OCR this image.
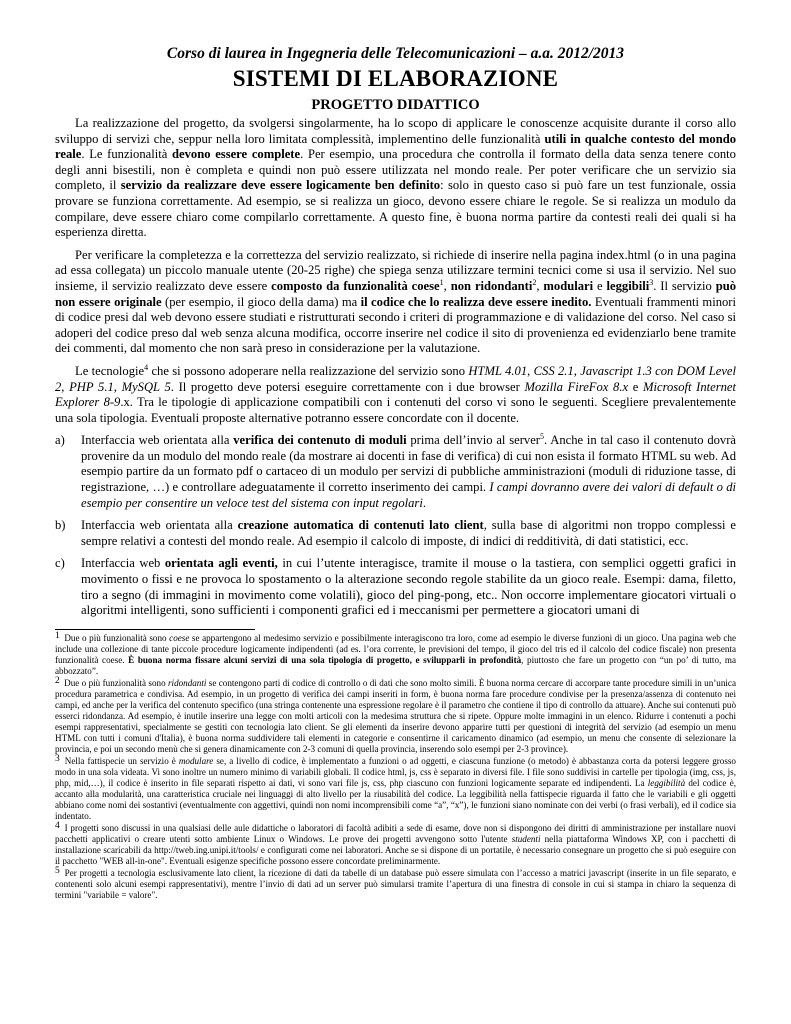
Corso di laurea in Ingegneria delle Telecomunicazioni – a.a. 2012/2013

SISTEMI DI ELABORAZIONE
PROGETTO DIDATTICO

La realizzazione del progetto, da svolgersi singolarmente, ha lo scopo di applicare le conoscenze acquisite durante il corso allo sviluppo di servizi che, seppur nella loro limitata complessità, implementino delle funzionalità utili in qualche contesto del mondo reale. Le funzionalità devono essere complete. Per esempio, una procedura che controlla il formato della data senza tenere conto degli anni bisestili, non è completa e quindi non può essere utilizzata nel mondo reale. Per poter verificare che un servizio sia completo, il servizio da realizzare deve essere logicamente ben definito: solo in questo caso si può fare un test funzionale, ossia provare se funziona correttamente. Ad esempio, se si realizza un gioco, devono essere chiare le regole. Se si realizza un modulo da compilare, deve essere chiaro come compilarlo correttamente. A questo fine, è buona norma partire da contesti reali dei quali si ha esperienza diretta.

Per verificare la completezza e la correttezza del servizio realizzato, si richiede di inserire nella pagina index.html (o in una pagina ad essa collegata) un piccolo manuale utente (20-25 righe) che spiega senza utilizzare termini tecnici come si usa il servizio. Nel suo insieme, il servizio realizzato deve essere composto da funzionalità coese$^1$, non ridondanti$^2$, modulari e leggibili$^3$. Il servizio può non essere originale (per esempio, il gioco della dama) ma il codice che lo realizza deve essere inedito. Eventuali frammenti minori di codice presi dal web devono essere studiati e ristrutturati secondo i criteri di programmazione e di validazione del corso. Nel caso si adoperi del codice preso dal web senza alcuna modifica, occorre inserire nel codice il sito di provenienza ed evidenziarlo bene tramite dei commenti, dal momento che non sarà preso in considerazione per la valutazione.

Le tecnologie$^4$ che si possono adoperare nella realizzazione del servizio sono HTML 4.01, CSS 2.1, Javascript 1.3 con DOM Level 2, PHP 5.1, MySQL 5. Il progetto deve potersi eseguire correttamente con i due browser Mozilla FireFox 8.x e Microsoft Internet Explorer 8-9.x. Tra le tipologie di applicazione compatibili con i contenuti del corso vi sono le seguenti. Scegliere prevalentemente una sola tipologia. Eventuali proposte alternative potranno essere concordate con il docente.

a)	Interfaccia web orientata alla verifica dei contenuto di moduli prima dell’invio al server$^5$. Anche in tal caso il contenuto dovrà provenire da un modulo del mondo reale (da mostrare ai docenti in fase di verifica) di cui non esista il formato HTML su web. Ad esempio partire da un formato pdf o cartaceo di un modulo per servizi di pubbliche amministrazioni (moduli di riduzione tasse, di registrazione, …) e controllare adeguatamente il corretto inserimento dei campi. I campi dovranno avere dei valori di default o di esempio per consentire un veloce test del sistema con input regolari.
b)	Interfaccia web orientata alla creazione automatica di contenuti lato client, sulla base di algoritmi non troppo complessi e sempre relativi a contesti del mondo reale. Ad esempio il calcolo di imposte, di indici di redditività, di dati statistici, ecc.
c)	Interfaccia web orientata agli eventi, in cui l’utente interagisce, tramite il mouse o la tastiera, con semplici oggetti grafici in movimento o fissi e ne provoca lo spostamento o la alterazione secondo regole stabilite da un gioco reale. Esempi: dama, filetto, tiro a segno (di immagini in movimento come volatili), gioco del ping-pong, etc.. Non occorre implementare giocatori virtuali o algoritmi intelligenti, sono sufficienti i componenti grafici ed i meccanismi per permettere a giocatori umani di

1 Due o più funzionalità sono coese se appartengono al medesimo servizio e possibilmente interagiscono tra loro, come ad esempio le diverse funzioni di un gioco. Una pagina web che include una collezione di tante piccole procedure logicamente indipendenti (ad es. l’ora corrente, le previsioni del tempo, il gioco del tris ed il calcolo del codice fiscale) non presenta funzionalità coese. È buona norma fissare alcuni servizi di una sola tipologia di progetto, e svilupparli in profondità, piuttosto che fare un progetto con “un po’ di tutto, ma abbozzato”.

2 Due o più funzionalità sono ridondanti se contengono parti di codice di controllo o di dati che sono molto simili. È buona norma cercare di accorpare tante procedure simili in un’unica procedura parametrica e condivisa. Ad esempio, in un progetto di verifica dei campi inseriti in form, è buona norma fare procedure condivise per la presenza/assenza di contenuto nei campi, ed anche per la verifica del contenuto specifico (una stringa contenente una espressione regolare è il parametro che contiene il tipo di controllo da attuare). Anche sui contenuti può esserci ridondanza. Ad esempio, è inutile inserire una legge con molti articoli con la medesima struttura che si ripete. Oppure molte immagini in un elenco. Ridurre i contenuti a pochi esempi rappresentativi, specialmente se gestiti con tecnologia lato client. Se gli elementi da inserire devono apparire tutti per questioni di integrità del servizio (ad esempio un menu HTML con tutti i comuni d'Italia), è buona norma suddividere tali elementi in categorie e consentirne il caricamento dinamico (ad esempio, un menu che consente di selezionare la provincia, e poi un secondo menù che si genera dinamicamente con 2-3 comuni di quella provincia, inserendo solo esempi per 2-3 province).

3 Nella fattispecie un servizio è modulare se, a livello di codice, è implementato a funzioni o ad oggetti, e ciascuna funzione (o metodo) è abbastanza corta da potersi leggere grosso modo in una sola videata. Vi sono inoltre un numero minimo di variabili globali. Il codice html, js, css è separato in diversi file. I file sono suddivisi in cartelle per tipologia (img, css, js, php, mid,…), il codice è inserito in file separati rispetto ai dati, vi sono vari file js, css, php ciascuno con funzioni logicamente separate ed indipendenti. La leggibilità del codice è, accanto alla modularità, una caratteristica cruciale nei linguaggi di alto livello per la riusabilità del codice. La leggibilità nella fattispecie riguarda il fatto che le variabili e gli oggetti abbiano come nomi dei sostantivi (eventualmente con aggettivi, quindi non nomi incomprensibili come “a”, “x”), le funzioni siano nominate con dei verbi (o frasi verbali), ed il codice sia indentato.

4 I progetti sono discussi in una qualsiasi delle aule didattiche o laboratori di facoltà adibiti a sede di esame, dove non si dispongono dei diritti di amministrazione per installare nuovi pacchetti applicativi o creare utenti sotto ambiente Linux o Windows. Le prove dei progetti avvengono sotto l'utente studenti nella piattaforma Windows XP, con i pacchetti di installazione scaricabili da http://tweb.ing.unipi.it/tools/ e configurati come nei laboratori. Anche se si dispone di un portatile, è necessario consegnare un progetto che si può eseguire con il pacchetto "WEB all-in-one". Eventuali esigenze specifiche possono essere concordate preliminarmente.

5 Per progetti a tecnologia esclusivamente lato client, la ricezione di dati da tabelle di un database può essere simulata con l’accesso a matrici javascript (inserite in un file separato, e contenenti solo alcuni esempi rappresentativi), mentre l’invio di dati ad un server può simularsi tramite l’apertura di una finestra di console in cui si stampa in chiaro la sequenza di termini "variabile = valore".
